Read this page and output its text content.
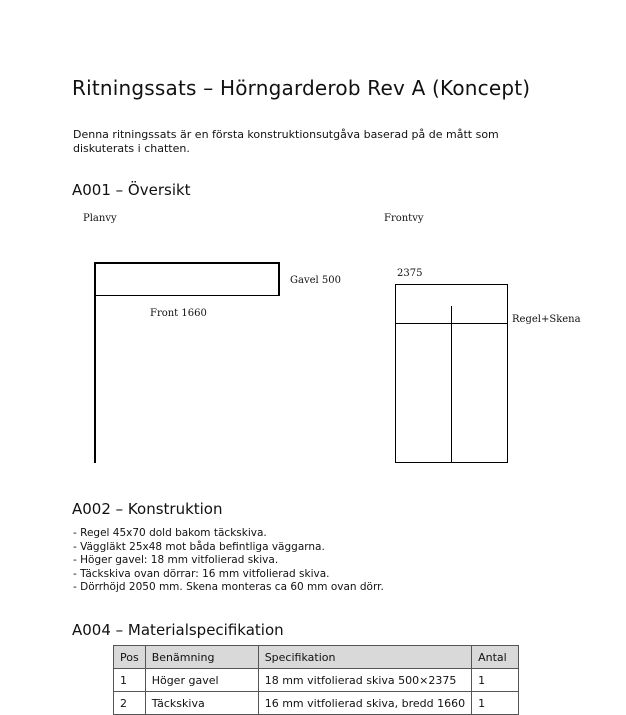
Ritningssats – Hörngarderob Rev A (Koncept)
Denna ritningssats är en första konstruktionsutgåva baserad på de mått som diskuterats i chatten.
A001 – Översikt
Planvy	Frontvy
Gavel 500
Front 1660
2375
Regel+Skena
A002 – Konstruktion
- Regel 45x70 dold bakom täckskiva.
- Väggläkt 25x48 mot båda befintliga väggarna.
- Höger gavel: 18 mm vitfolierad skiva.
- Täckskiva ovan dörrar: 16 mm vitfolierad skiva.
- Dörrhöjd 2050 mm. Skena monteras ca 60 mm ovan dörr.
A004 – Materialspecifikation
Pos	Benämning	Specifikation	Antal
1	Höger gavel	18 mm vitfolierad skiva 500×2375	1
2	Täckskiva	16 mm vitfolierad skiva, bredd 1660	1
